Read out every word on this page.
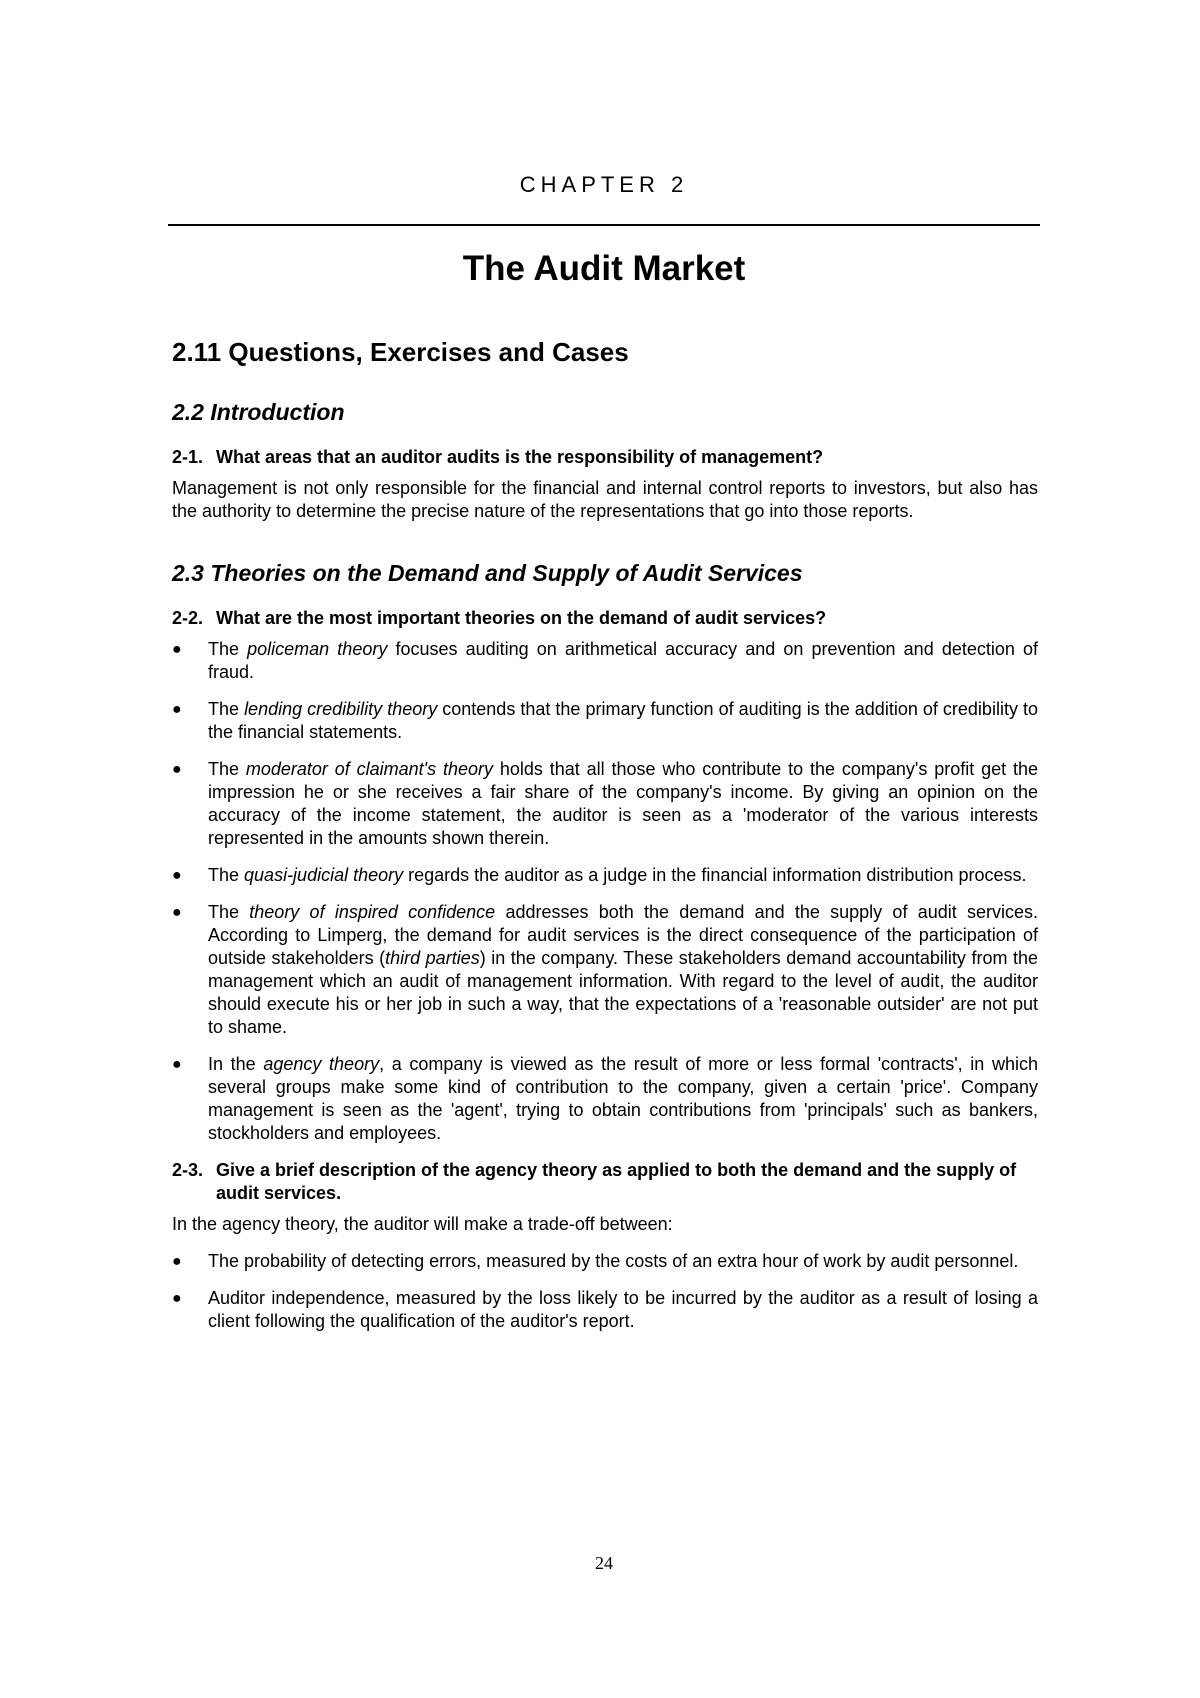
CHAPTER 2
The Audit Market
2.11 Questions, Exercises and Cases
2.2 Introduction
2-1. What areas that an auditor audits is the responsibility of management?
Management is not only responsible for the financial and internal control reports to investors, but also has the authority to determine the precise nature of the representations that go into those reports.
2.3 Theories on the Demand and Supply of Audit Services
2-2. What are the most important theories on the demand of audit services?
●	The policeman theory focuses auditing on arithmetical accuracy and on prevention and detection of fraud.
●	The lending credibility theory contends that the primary function of auditing is the addition of credibility to the financial statements.
●	The moderator of claimant's theory holds that all those who contribute to the company's profit get the impression he or she receives a fair share of the company's income. By giving an opinion on the accuracy of the income statement, the auditor is seen as a 'moderator of the various interests represented in the amounts shown therein.
●	The quasi-judicial theory regards the auditor as a judge in the financial information distribution process.
●	The theory of inspired confidence addresses both the demand and the supply of audit services. According to Limperg, the demand for audit services is the direct consequence of the participation of outside stakeholders (third parties) in the company. These stakeholders demand accountability from the management which an audit of management information. With regard to the level of audit, the auditor should execute his or her job in such a way, that the expectations of a 'reasonable outsider' are not put to shame.
●	In the agency theory, a company is viewed as the result of more or less formal 'contracts', in which several groups make some kind of contribution to the company, given a certain 'price'. Company management is seen as the 'agent', trying to obtain contributions from 'principals' such as bankers, stockholders and employees.
2-3. Give a brief description of the agency theory as applied to both the demand and the supply of audit services.
In the agency theory, the auditor will make a trade-off between:
●	The probability of detecting errors, measured by the costs of an extra hour of work by audit personnel.
●	Auditor independence, measured by the loss likely to be incurred by the auditor as a result of losing a client following the qualification of the auditor's report.
24
